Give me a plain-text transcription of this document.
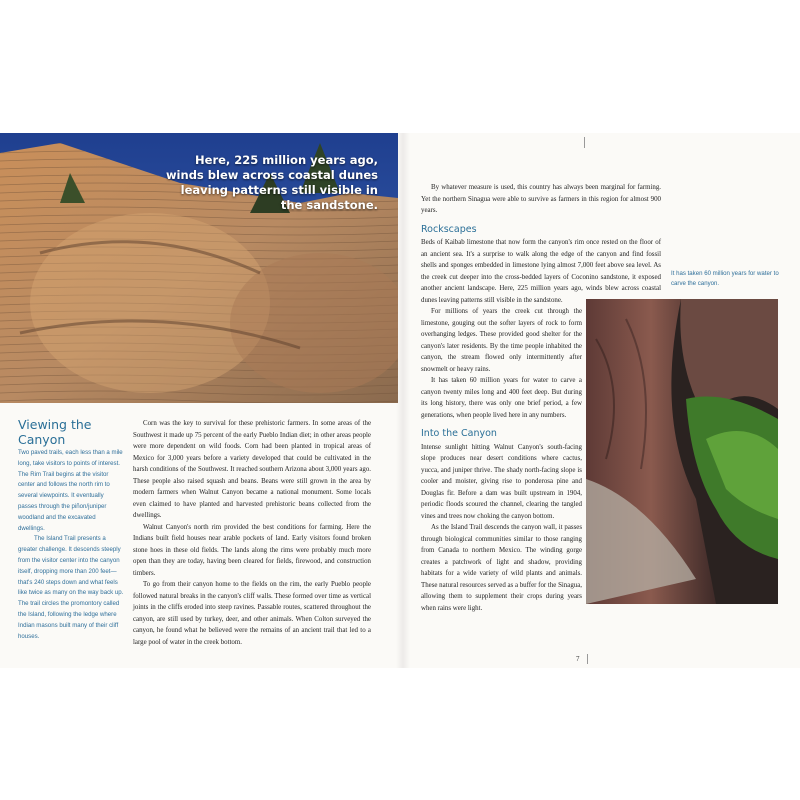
Here, 225 million years ago, winds blew across coastal dunes leaving patterns still visible in the sandstone.
Viewing the Canyon

Two paved trails, each less than a mile long, take visitors to points of interest. The Rim Trail begins at the visitor center and follows the north rim to several viewpoints. It eventually passes through the piñon/juniper woodland and the excavated dwellings.

The Island Trail presents a greater challenge. It descends steeply from the visitor center into the canyon itself, dropping more than 200 feet—that's 240 steps down and what feels like twice as many on the way back up. The trail circles the promontory called the Island, following the ledge where Indian masons built many of their cliff houses.

Corn was the key to survival for these prehistoric farmers. In some areas of the Southwest it made up 75 percent of the early Pueblo Indian diet; in other areas people were more dependent on wild foods. Corn had been planted in tropical areas of Mexico for 3,000 years before a variety developed that could be cultivated in the harsh conditions of the Southwest. It reached southern Arizona about 3,000 years ago. These people also raised squash and beans. Beans were still grown in the area by modern farmers when Walnut Canyon became a national monument. Some locals even claimed to have planted and harvested prehistoric beans collected from the dwellings.

Walnut Canyon's north rim provided the best conditions for farming. Here the Indians built field houses near arable pockets of land. Early visitors found broken stone hoes in these old fields. The lands along the rims were probably much more open than they are today, having been cleared for fields, firewood, and construction timbers.

To go from their canyon home to the fields on the rim, the early Pueblo people followed natural breaks in the canyon's cliff walls. These formed over time as vertical joints in the cliffs eroded into steep ravines. Passable routes, scattered throughout the canyon, are still used by turkey, deer, and other animals. When Colton surveyed the canyon, he found what he believed were the remains of an ancient trail that led to a large pool of water in the creek bottom.

By whatever measure is used, this country has always been marginal for farming. Yet the northern Sinagua were able to survive as farmers in this region for almost 900 years.

Rockscapes

Beds of Kaibab limestone that now form the canyon's rim once rested on the floor of an ancient sea. It's a surprise to walk along the edge of the canyon and find fossil shells and sponges embedded in limestone lying almost 7,000 feet above sea level. As the creek cut deeper into the cross-bedded layers of Coconino sandstone, it exposed another ancient landscape. Here, 225 million years ago, winds blew across coastal dunes leaving patterns still visible in the sandstone.

For millions of years the creek cut through the limestone, gouging out the softer layers of rock to form overhanging ledges. These provided good shelter for the canyon's later residents. By the time people inhabited the canyon, the stream flowed only intermittently after snowmelt or heavy rains.

It has taken 60 million years for water to carve a canyon twenty miles long and 400 feet deep. But during its long history, there was only one brief period, a few generations, when people lived here in any numbers.

Into the Canyon

Intense sunlight hitting Walnut Canyon's south-facing slope produces near desert conditions where cactus, yucca, and juniper thrive. The shady north-facing slope is cooler and moister, giving rise to ponderosa pine and Douglas fir. Before a dam was built upstream in 1904, periodic floods scoured the channel, clearing the tangled vines and trees now choking the canyon bottom.

As the Island Trail descends the canyon wall, it passes through biological communities similar to those ranging from Canada to northern Mexico. The winding gorge creates a patchwork of light and shadow, providing habitats for a wide variety of wild plants and animals. These natural resources served as a buffer for the Sinagua, allowing them to supplement their crops during years when rains were light.

It has taken 60 million years for water to carve the canyon.
7
